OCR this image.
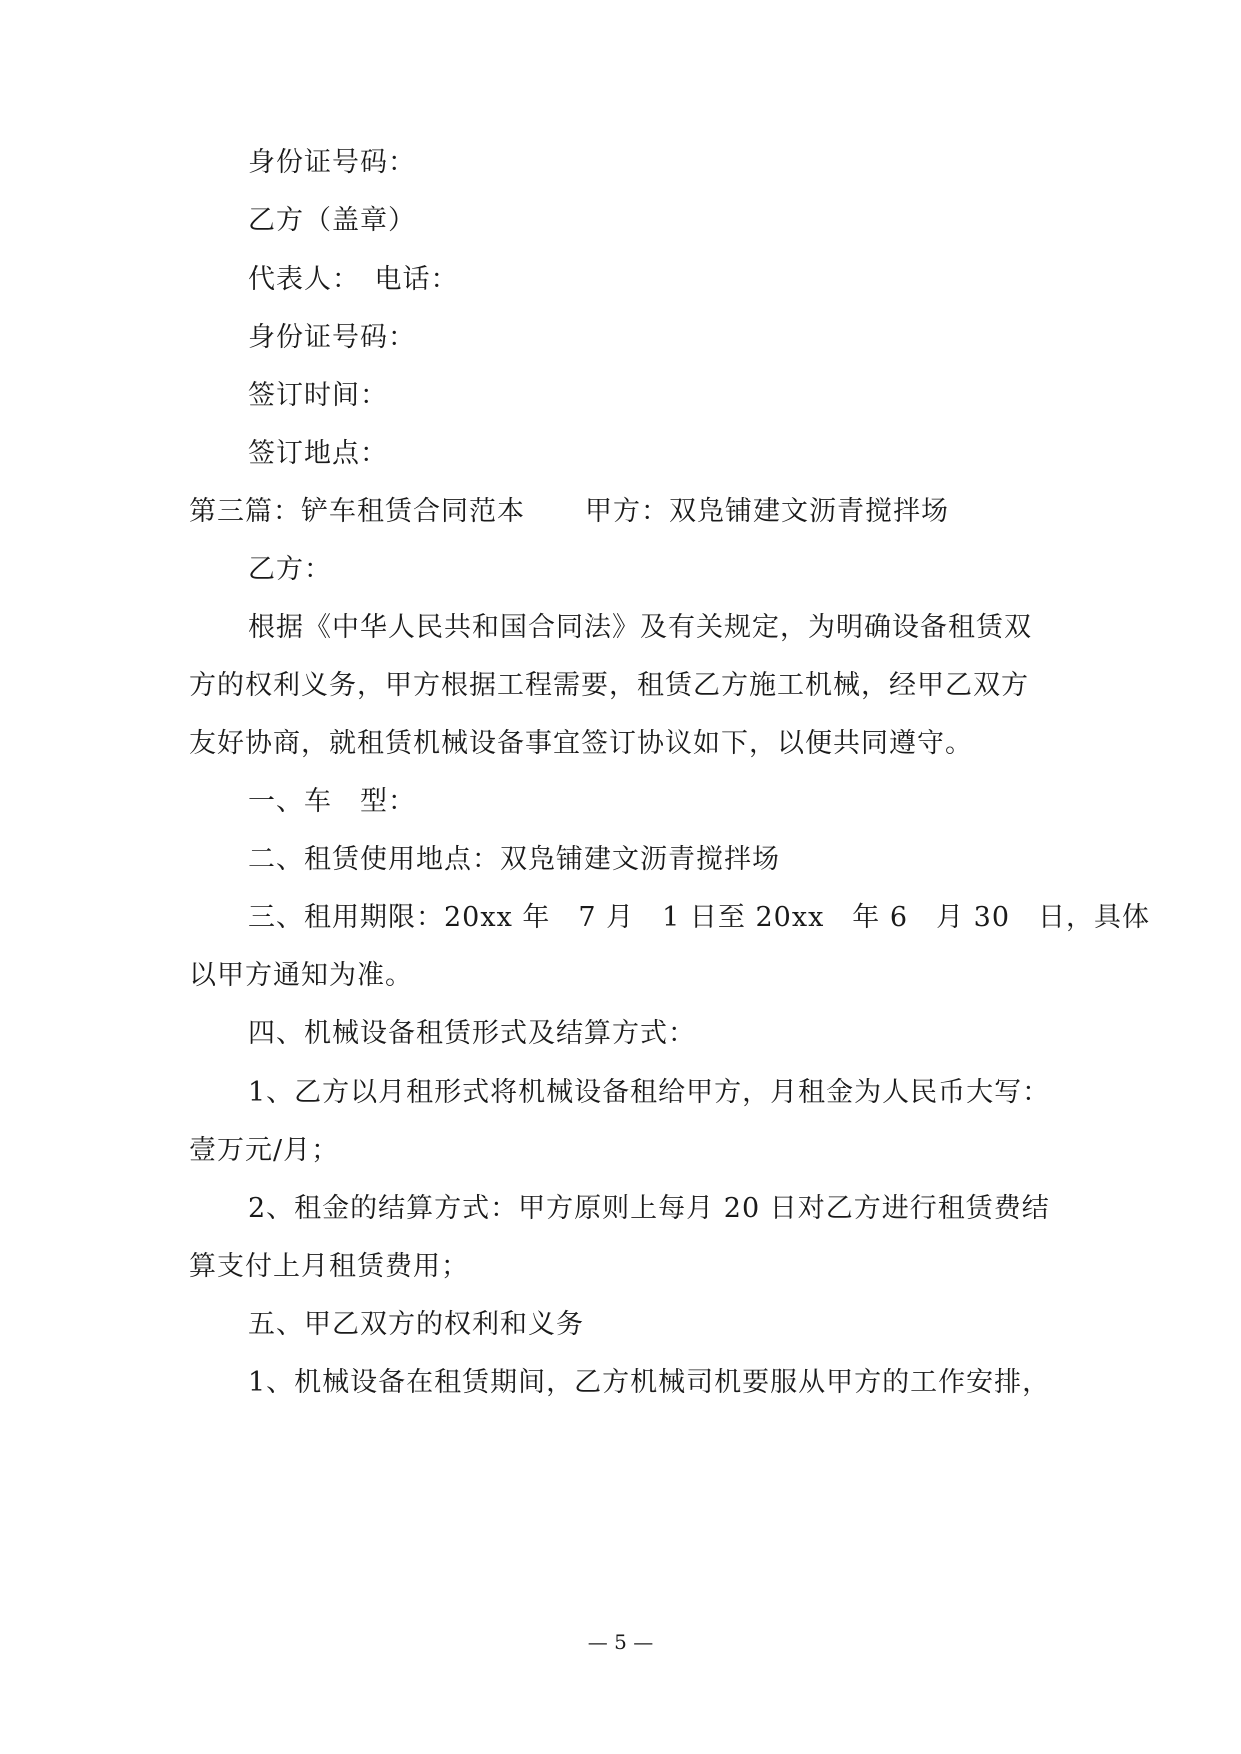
身份证号码：
乙方（盖章）
代表人：　电话：
身份证号码：
签订时间：
签订地点：
第三篇：铲车租赁合同范本 甲方：双凫铺建文沥青搅拌场
乙方：
根据《中华人民共和国合同法》及有关规定，为明确设备租赁双
方的权利义务，甲方根据工程需要，租赁乙方施工机械，经甲乙双方
友好协商，就租赁机械设备事宜签订协议如下，以便共同遵守。
一、车　型：
二、租赁使用地点：双凫铺建文沥青搅拌场
三、租用期限：20xx 年　7 月　1 日至 20xx　年 6　月 30　日，具体
以甲方通知为准。
四、机械设备租赁形式及结算方式：
1、乙方以月租形式将机械设备租给甲方，月租金为人民币大写：
壹万元/月；
2、租金的结算方式：甲方原则上每月 20 日对乙方进行租赁费结
算支付上月租赁费用；
五、甲乙双方的权利和义务
1、机械设备在租赁期间，乙方机械司机要服从甲方的工作安排，
— 5 —
